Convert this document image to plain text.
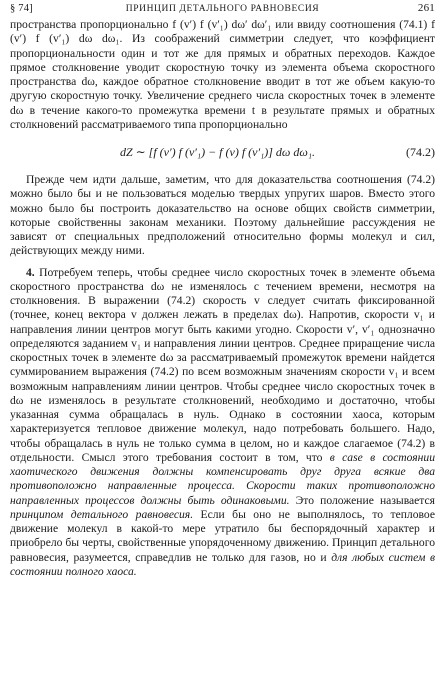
§ 74]	ПРИНЦИП ДЕТАЛЬНОГО РАВНОВЕСИЯ	261

пространства пропорционально f (v′) f (v′₁) dω′ dω′₁ или ввиду соотношения (74.1) f (v′) f (v′₁) dω dω₁. Из соображений симметрии следует, что коэффициент пропорциональности один и тот же для прямых и обратных переходов. Каждое прямое столкновение уводит скоростную точку из элемента объема скоростного пространства dω, каждое обратное столкновение вводит в тот же объем какую-то другую скоростную точку. Увеличение среднего числа скоростных точек в элементе dω в течение какого-то промежутка времени t в результате прямых и обратных столкновений рассматриваемого типа пропорционально

dZ ∼ [f (v′) f (v′₁) − f (v) f (v′₁)] dω dω₁.	(74.2)

Прежде чем идти дальше, заметим, что для доказательства соотношения (74.2) можно было бы и не пользоваться моделью твердых упругих шаров. Вместо этого можно было бы построить доказательство на основе общих свойств симметрии, которые свойственны законам механики. Поэтому дальнейшие рассуждения не зависят от специальных предположений относительно формы молекул и сил, действующих между ними.

4. Потребуем теперь, чтобы среднее число скоростных точек в элементе объема скоростного пространства dω не изменялось с течением времени, несмотря на столкновения. В выражении (74.2) скорость v следует считать фиксированной (точнее, конец вектора v должен лежать в пределах dω). Напротив, скорости v₁ и направления линии центров могут быть какими угодно. Скорости v′, v′₁ однозначно определяются заданием v₁ и направления линии центров. Среднее приращение числа скоростных точек в элементе dω за рассматриваемый промежуток времени найдется суммированием выражения (74.2) по всем возможным значениям скорости v₁ и всем возможным направлениям линии центров. Чтобы среднее число скоростных точек в dω не изменялось в результате столкновений, необходимо и достаточно, чтобы указанная сумма обращалась в нуль. Однако в состоянии хаоса, которым характеризуется тепловое движение молекул, надо потребовать большего. Надо, чтобы обращалась в нуль не только сумма в целом, но и каждое слагаемое (74.2) в отдельности. Смысл этого требования состоит в том, что в case в состоянии хаотического движения должны компенсировать друг друга всякие два противоположно направленные процесса. Скорости таких противоположно направленных процессов должны быть одинаковыми. Это положение называется принципом детального равновесия. Если бы оно не выполнялось, то тепловое движение молекул в какой-то мере утратило бы беспорядочный характер и приобрело бы черты, свойственные упорядоченному движению. Принцип детального равновесия, разумеется, справедлив не только для газов, но и для любых систем в состоянии полного хаоса.
